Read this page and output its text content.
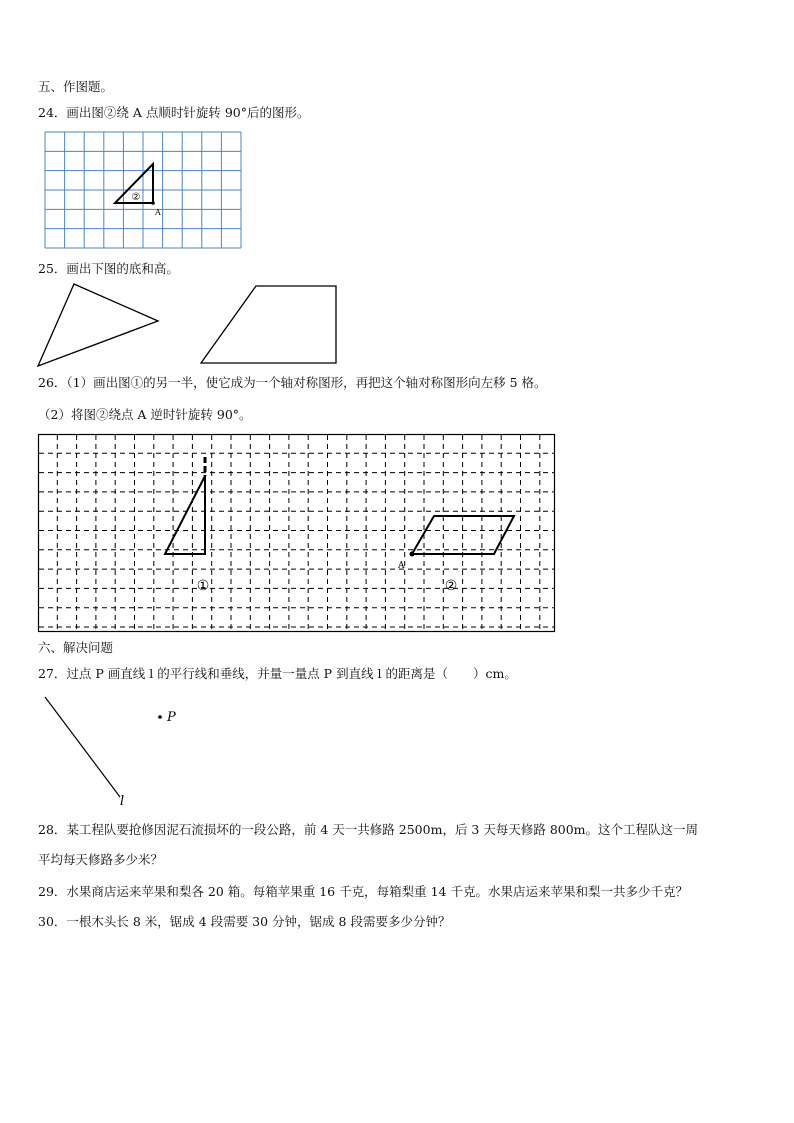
五、作图题。
24．画出图②绕 A 点顺时针旋转 90°后的图形。
②
A
25．画出下图的底和高。
26．（1）画出图①的另一半，使它成为一个轴对称图形，再把这个轴对称图形向左移 5 格。
（2）将图②绕点 A 逆时针旋转 90°。
A
①	②
六、解决问题
27．过点 P 画直线 l 的平行线和垂线，并量一量点 P 到直线 l 的距离是（　　）cm。
P
l
28．某工程队要抢修因泥石流损坏的一段公路，前 4 天一共修路 2500m，后 3 天每天修路 800m。这个工程队这一周
平均每天修路多少米？
29．水果商店运来苹果和梨各 20 箱。每箱苹果重 16 千克，每箱梨重 14 千克。水果店运来苹果和梨一共多少千克？
30．一根木头长 8 米，锯成 4 段需要 30 分钟，锯成 8 段需要多少分钟？
